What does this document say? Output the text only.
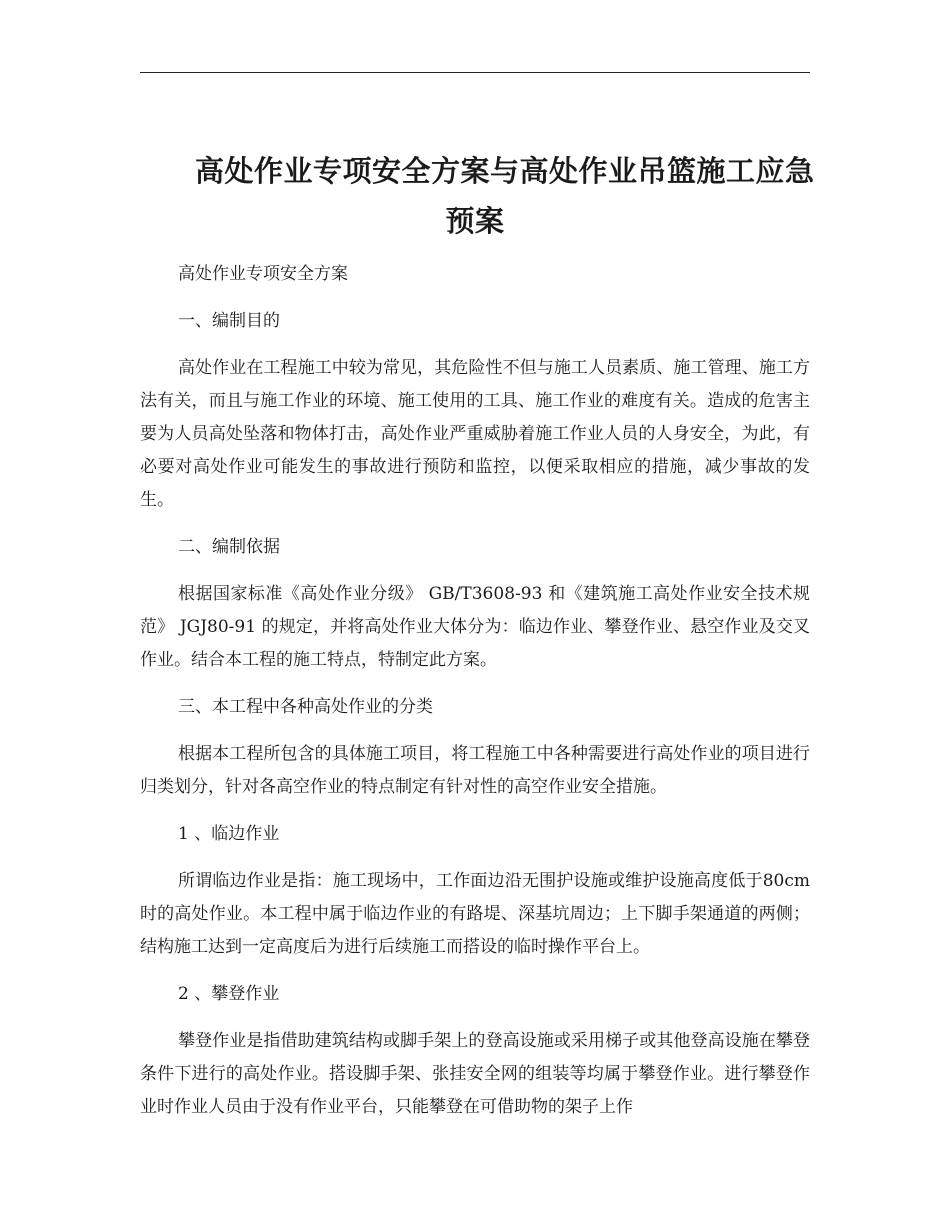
高处作业专项安全方案与高处作业吊篮施工应急
预案

高处作业专项安全方案

一、编制目的

高处作业在工程施工中较为常见，其危险性不但与施工人员素质、施工管理、施工方法有关，而且与施工作业的环境、施工使用的工具、施工作业的难度有关。造成的危害主要为人员高处坠落和物体打击，高处作业严重威胁着施工作业人员的人身安全，为此，有必要对高处作业可能发生的事故进行预防和监控，以便采取相应的措施，减少事故的发生。

二、编制依据

根据国家标准《高处作业分级》 GB/T3608-93 和《建筑施工高处作业安全技术规范》 JGJ80-91 的规定，并将高处作业大体分为：临边作业、攀登作业、悬空作业及交叉作业。结合本工程的施工特点，特制定此方案。

三、本工程中各种高处作业的分类

根据本工程所包含的具体施工项目，将工程施工中各种需要进行高处作业的项目进行归类划分，针对各高空作业的特点制定有针对性的高空作业安全措施。

1 、临边作业

所谓临边作业是指：施工现场中，工作面边沿无围护设施或维护设施高度低于80cm 时的高处作业。本工程中属于临边作业的有路堤、深基坑周边；上下脚手架通道的两侧；结构施工达到一定高度后为进行后续施工而搭设的临时操作平台上。

2 、攀登作业

攀登作业是指借助建筑结构或脚手架上的登高设施或采用梯子或其他登高设施在攀登条件下进行的高处作业。搭设脚手架、张挂安全网的组装等均属于攀登作业。进行攀登作业时作业人员由于没有作业平台，只能攀登在可借助物的架子上作
